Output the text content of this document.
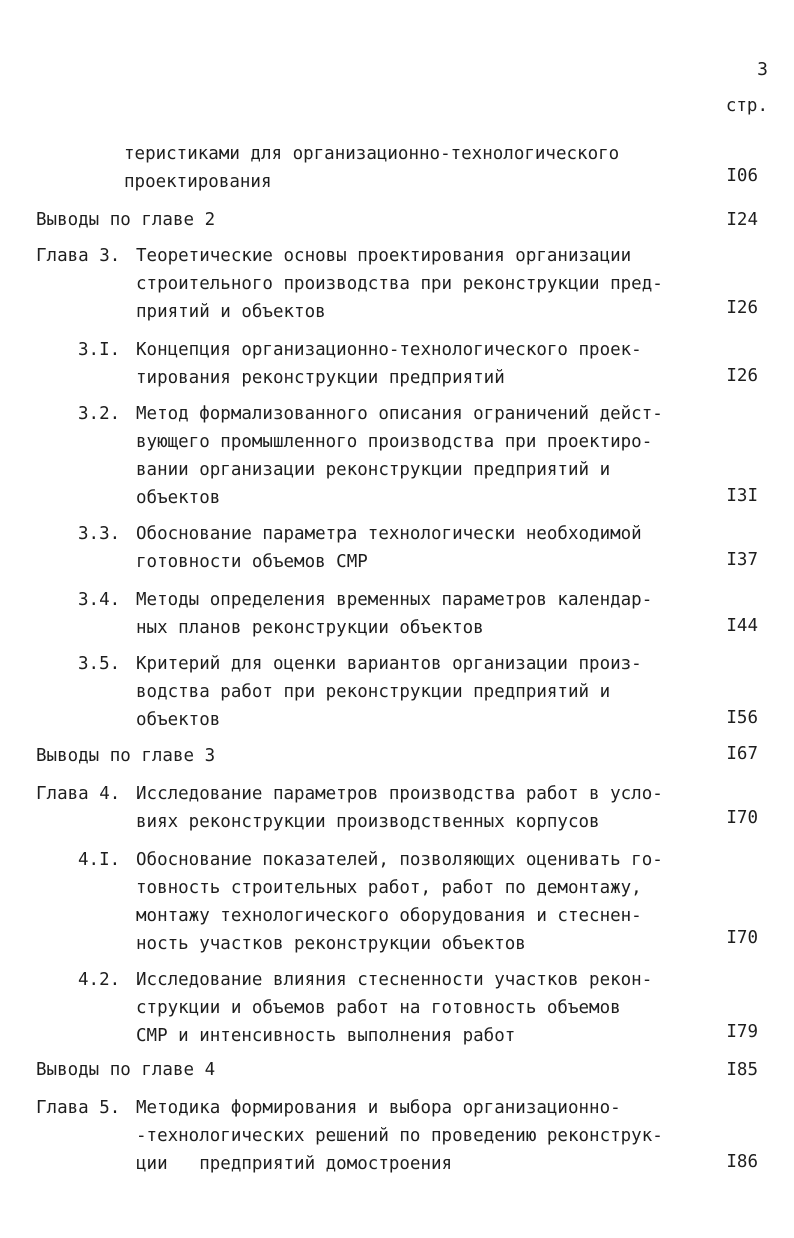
3
стр.
теристиками для организационно-технологического
проектирования	I06
Выводы по главе 2	I24
Глава 3. Теоретические основы проектирования организации
строительного производства при реконструкции пред-
приятий и объектов	I26
3.I. Концепция организационно-технологического проек-
тирования реконструкции предприятий	I26
3.2. Метод формализованного описания ограничений дейст-
вующего промышленного производства при проектиро-
вании организации реконструкции предприятий и
объектов	I3I
3.3. Обоснование параметра технологически необходимой
готовности объемов СМР	I37
3.4. Методы определения временных параметров календар-
ных планов реконструкции объектов	I44
3.5. Критерий для оценки вариантов организации произ-
водства работ при реконструкции предприятий и
объектов	I56
Выводы по главе 3	I67
Глава 4. Исследование параметров производства работ в усло-
виях реконструкции производственных корпусов	I70
4.I. Обоснование показателей, позволяющих оценивать го-
товность строительных работ, работ по демонтажу,
монтажу технологического оборудования и стеснен-
ность участков реконструкции объектов	I70
4.2. Исследование влияния стесненности участков рекон-
струкции и объемов работ на готовность объемов
СМР и интенсивность выполнения работ	I79
Выводы по главе 4	I85
Глава 5. Методика формирования и выбора организационно-
-технологических решений по проведению реконструк-
ции   предприятий домостроения	I86
